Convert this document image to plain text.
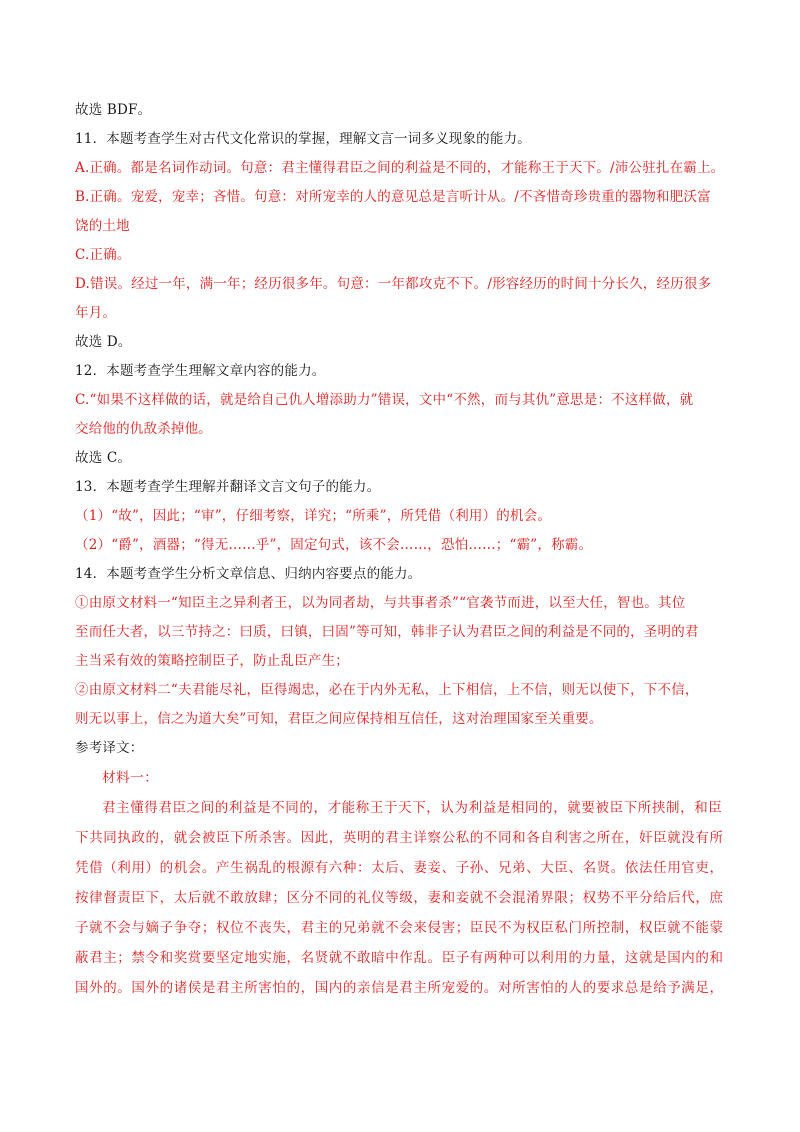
故选 BDF。
11．本题考查学生对古代文化常识的掌握，理解文言一词多义现象的能力。
A.正确。都是名词作动词。句意：君主懂得君臣之间的利益是不同的，才能称王于天下。/沛公驻扎在霸上。
B.正确。宠爱，宠幸；吝惜。句意：对所宠幸的人的意见总是言听计从。/不吝惜奇珍贵重的器物和肥沃富
饶的土地
C.正确。
D.错误。经过一年，满一年；经历很多年。句意：一年都攻克不下。/形容经历的时间十分长久，经历很多
年月。
故选 D。
12．本题考查学生理解文章内容的能力。
C.“如果不这样做的话，就是给自己仇人增添助力”错误，文中“不然，而与其仇”意思是：不这样做，就
交给他的仇敌杀掉他。
故选 C。
13．本题考查学生理解并翻译文言文句子的能力。
（1）“故”，因此；“审”，仔细考察，详究；“所乘”，所凭借（利用）的机会。
（2）“爵”，酒器；“得无……乎”，固定句式，该不会……，恐怕……；“霸”，称霸。
14．本题考查学生分析文章信息、归纳内容要点的能力。
①由原文材料一“知臣主之异利者王，以为同者劫，与共事者杀”“官袭节而进，以至大任，智也。其位
至而任大者，以三节持之：曰质，曰镇，曰固”等可知，韩非子认为君臣之间的利益是不同的，圣明的君
主当采有效的策略控制臣子，防止乱臣产生；
②由原文材料二“夫君能尽礼，臣得竭忠，必在于内外无私，上下相信，上不信，则无以使下，下不信，
则无以事上，信之为道大矣”可知，君臣之间应保持相互信任，这对治理国家至关重要。
参考译文：
材料一：
君主懂得君臣之间的利益是不同的，才能称王于天下，认为利益是相同的，就要被臣下所挟制，和臣
下共同执政的，就会被臣下所杀害。因此，英明的君主详察公私的不同和各自利害之所在，奸臣就没有所
凭借（利用）的机会。产生祸乱的根源有六种：太后、妻妾、子孙、兄弟、大臣、名贤。依法任用官吏，
按律督责臣下，太后就不敢放肆；区分不同的礼仪等级，妻和妾就不会混淆界限；权势不平分给后代，庶
子就不会与嫡子争夺；权位不丧失，君主的兄弟就不会来侵害；臣民不为权臣私门所控制，权臣就不能蒙
蔽君主；禁令和奖赏要坚定地实施，名贤就不敢暗中作乱。臣子有两种可以利用的力量，这就是国内的和
国外的。国外的诸侯是君主所害怕的，国内的亲信是君主所宠爱的。对所害怕的人的要求总是给予满足，
